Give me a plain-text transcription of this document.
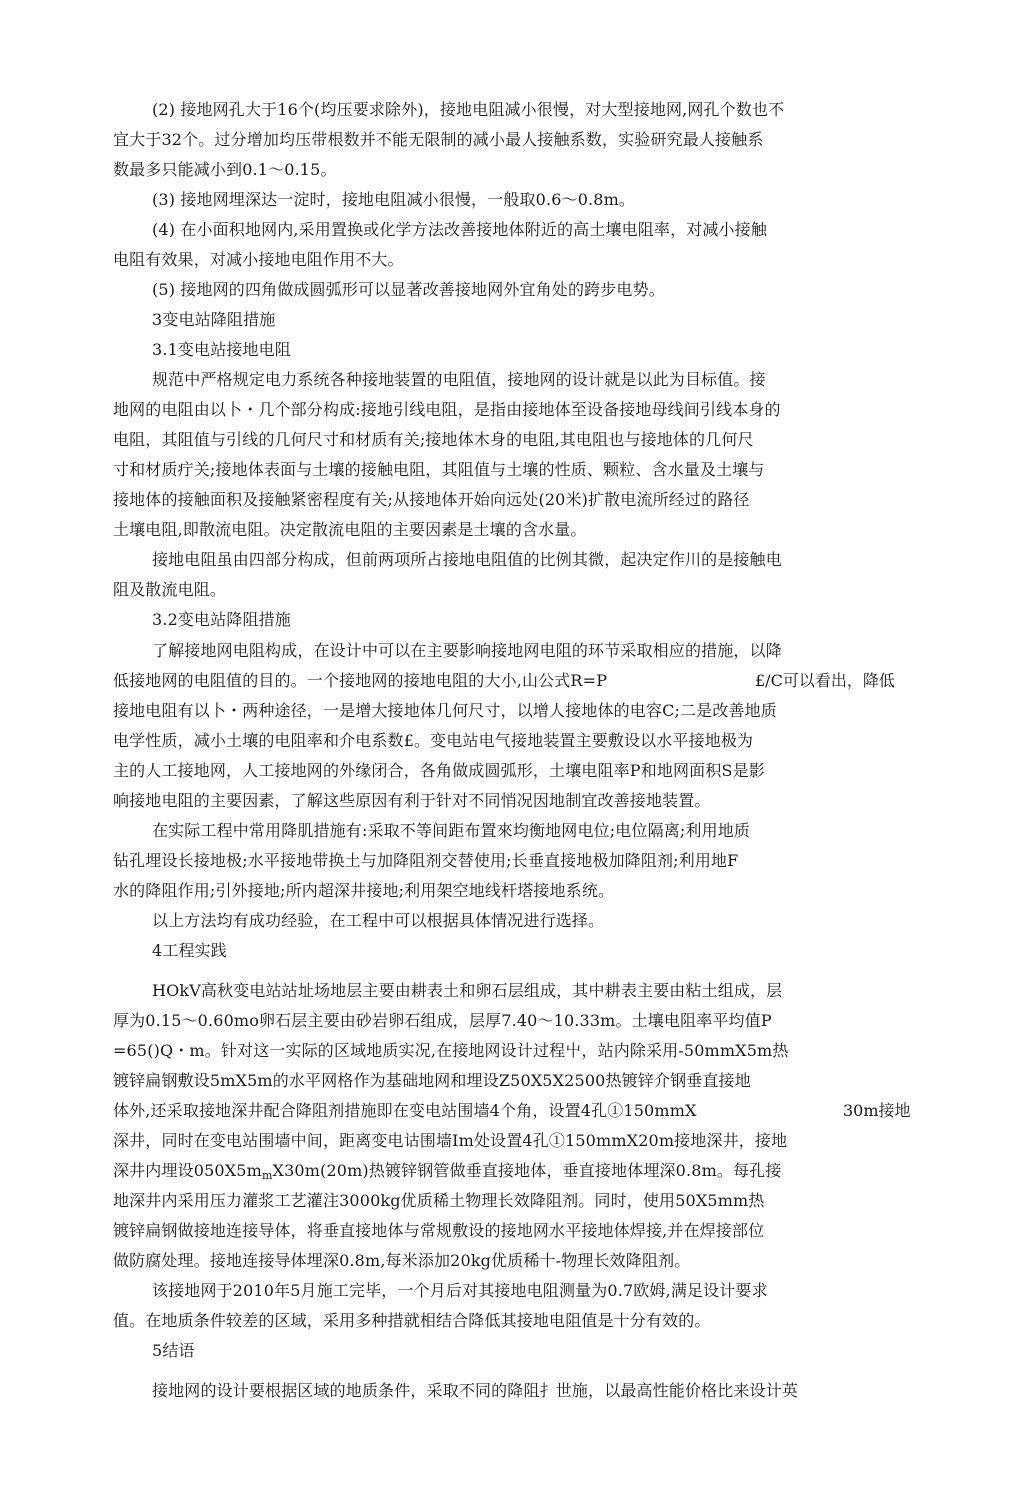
(2) 接地网孔大于16个(均压要求除外)，接地电阻减小很慢，对大型接地网,网孔个数也不

宜大于32个。过分增加均压带根数并不能无限制的减小最人接触系数，实验研究最人接触系

数最多只能减小到0.1～0.15。

(3) 接地网埋深达一淀时，接地电阻减小很慢，一般取0.6～0.8m。

(4) 在小面积地网内,采用置换或化学方法改善接地体附近的高土壤电阻率，对减小接触

电阻有效果，对减小接地电阻作用不大。

(5) 接地网的四角做成圆弧形可以显著改善接地网外宜角处的跨步电势。

3变电站降阻措施

3.1变电站接地电阻

规范中严格规定电力系统各种接地装置的电阻值，接地网的设计就是以此为目标值。接

地网的电阻由以卜・几个部分构成:接地引线电阻，是指由接地体至设备接地母线间引线本身的

电阻，其阻值与引线的几何尺寸和材质有关;接地体木身的电阻,其电阻也与接地体的几何尺

寸和材质疔关;接地体表面与土壤的接触电阻，其阻值与土壤的性质、颗粒、含水量及土壤与

接地体的接触面积及接触紧密程度有关;从接地体开始向远处(20米)扩散电流所经过的路径

土壤电阻,即散流电阻。决定散流电阻的主要因素是土壤的含水量。

接地电阻虽由四部分构成，但前两项所占接地电阻值的比例其微，起决定作川的是接触电

阻及散流电阻。

3.2变电站降阻措施

了解接地网电阻构成，在设计中可以在主要影响接地网电阻的环节采取相应的措施，以降

低接地网的电阻值的目的。一个接地网的接地电阻的大小,山公式R=P	£/C可以看出，降低

接地电阻有以卜・两种途径，一是增大接地体几何尺寸，以增人接地体的电容C;二是改善地质

电学性质，减小土壤的电阻率和介电系数£。变电站电气接地装置主要敷设以水平接地极为

主的人工接地网，人工接地网的外缘闭合，各角做成圆弧形，土壤电阻率P和地网面积S是影

响接地电阻的主要因素，了解这些原因有利于针对不同悄况因地制宜改善接地装置。

在实际工程中常用降肌措施有:采取不等间距布置來均衡地网电位;电位隔离;利用地质

钻孔埋设长接地极;水平接地带换土与加降阻剂交替使用;长垂直接地极加降阻剂;利用地F

水的降阻作用;引外接地;所内超深井接地;利用架空地线杆塔接地系统。

以上方法均有成功经验，在工程中可以根据具体情况进行选择。

4工程实践

HOkV高秋变电站站址场地层主要由耕表土和卵石层组成，其中耕表主要由粘土组成，层

厚为0.15～0.60mo卵石层主要由砂岩卵石组成，层厚7.40～10.33m。土壤电阻率平均值P

=65()Q・m。针对这一实际的区域地质实况,在接地网设计过程屮，站内除采用-50mmX5m热

镀锌扁钢敷设5mX5m的水平网格作为基础地网和埋设Z50X5X2500热镀锌介钢垂直接地

体外,还采取接地深井配合降阻剂措施即在变电站围墙4个角，设置4孔①150mmX	30m接地

深井，同时在变电站围墙中间，距离变电诂围墙Im处设置4孔①150mmX20m接地深井，接地

深井内埋设$050X5m_mX30m(20m)$热镀锌钢管做垂直接地体，垂直接地体埋深0.8m。每孔接

地深井内采用压力灌浆工艺灌注3000kg优质稀土物理长效降阻剂。同时，使用50X5mm热

镀锌扁钢做接地连接导体，将垂直接地体与常规敷设的接地网水平接地体焊接,并在焊接部位

做防腐处理。接地连接导体埋深0.8m,每米添加20kg优质稀十-物理长效降阻剂。

该接地网于2010年5月施工完毕，一个月后对其接地电阻测量为0.7欧姆,满足设计要求

值。在地质条件较差的区域，采用多种措就相结合降低其接地电阻值是十分有效的。

5结语

接地网的设计要根据区域的地质条件，采取不同的降阻扌世施，以最高性能价格比来设计英
